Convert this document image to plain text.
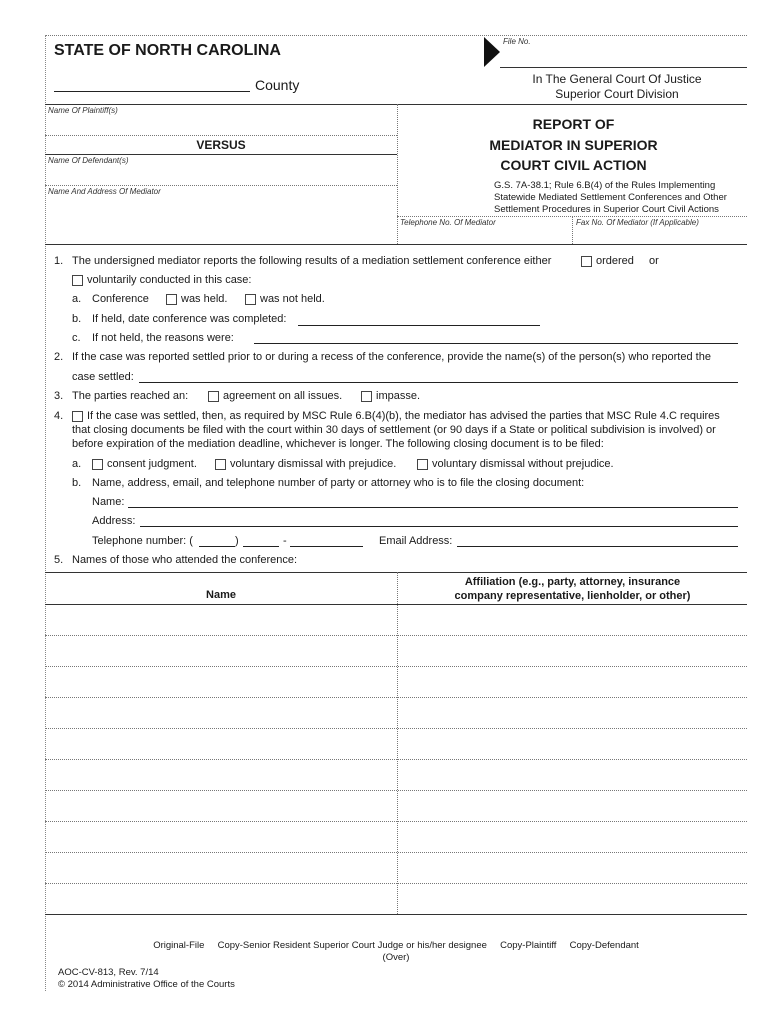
STATE OF NORTH CAROLINA
County
File No.
In The General Court Of Justice
Superior Court Division
Name Of Plaintiff(s)
VERSUS
Name Of Defendant(s)
Name And Address Of Mediator
REPORT OF
MEDIATOR IN SUPERIOR
COURT CIVIL ACTION
G.S. 7A-38.1; Rule 6.B(4) of the Rules Implementing
Statewide Mediated Settlement Conferences and Other
Settlement Procedures in Superior Court Civil Actions
Telephone No. Of Mediator	Fax No. Of Mediator (If Applicable)
1. The undersigned mediator reports the following results of a mediation settlement conference either	ordered or
voluntarily conducted in this case:
a. Conference	was held.	was not held.
b. If held, date conference was completed:
c. If not held, the reasons were:
2. If the case was reported settled prior to or during a recess of the conference, provide the name(s) of the person(s) who reported the
case settled:
3. The parties reached an:	agreement on all issues.	impasse.
4. If the case was settled, then, as required by MSC Rule 6.B(4)(b), the mediator has advised the parties that MSC Rule 4.C requires
that closing documents be filed with the court within 30 days of settlement (or 90 days if a State or political subdivision is involved) or
before expiration of the mediation deadline, whichever is longer. The following closing document is to be filed:
a. consent judgment.	voluntary dismissal with prejudice.	voluntary dismissal without prejudice.
b. Name, address, email, and telephone number of party or attorney who is to file the closing document:
Name:
Address:
Telephone number: (	)	-	Email Address:
5. Names of those who attended the conference:
Name
Affiliation (e.g., party, attorney, insurance
company representative, lienholder, or other)
Original-File     Copy-Senior Resident Superior Court Judge or his/her designee     Copy-Plaintiff     Copy-Defendant
(Over)
AOC-CV-813, Rev. 7/14
© 2014 Administrative Office of the Courts
